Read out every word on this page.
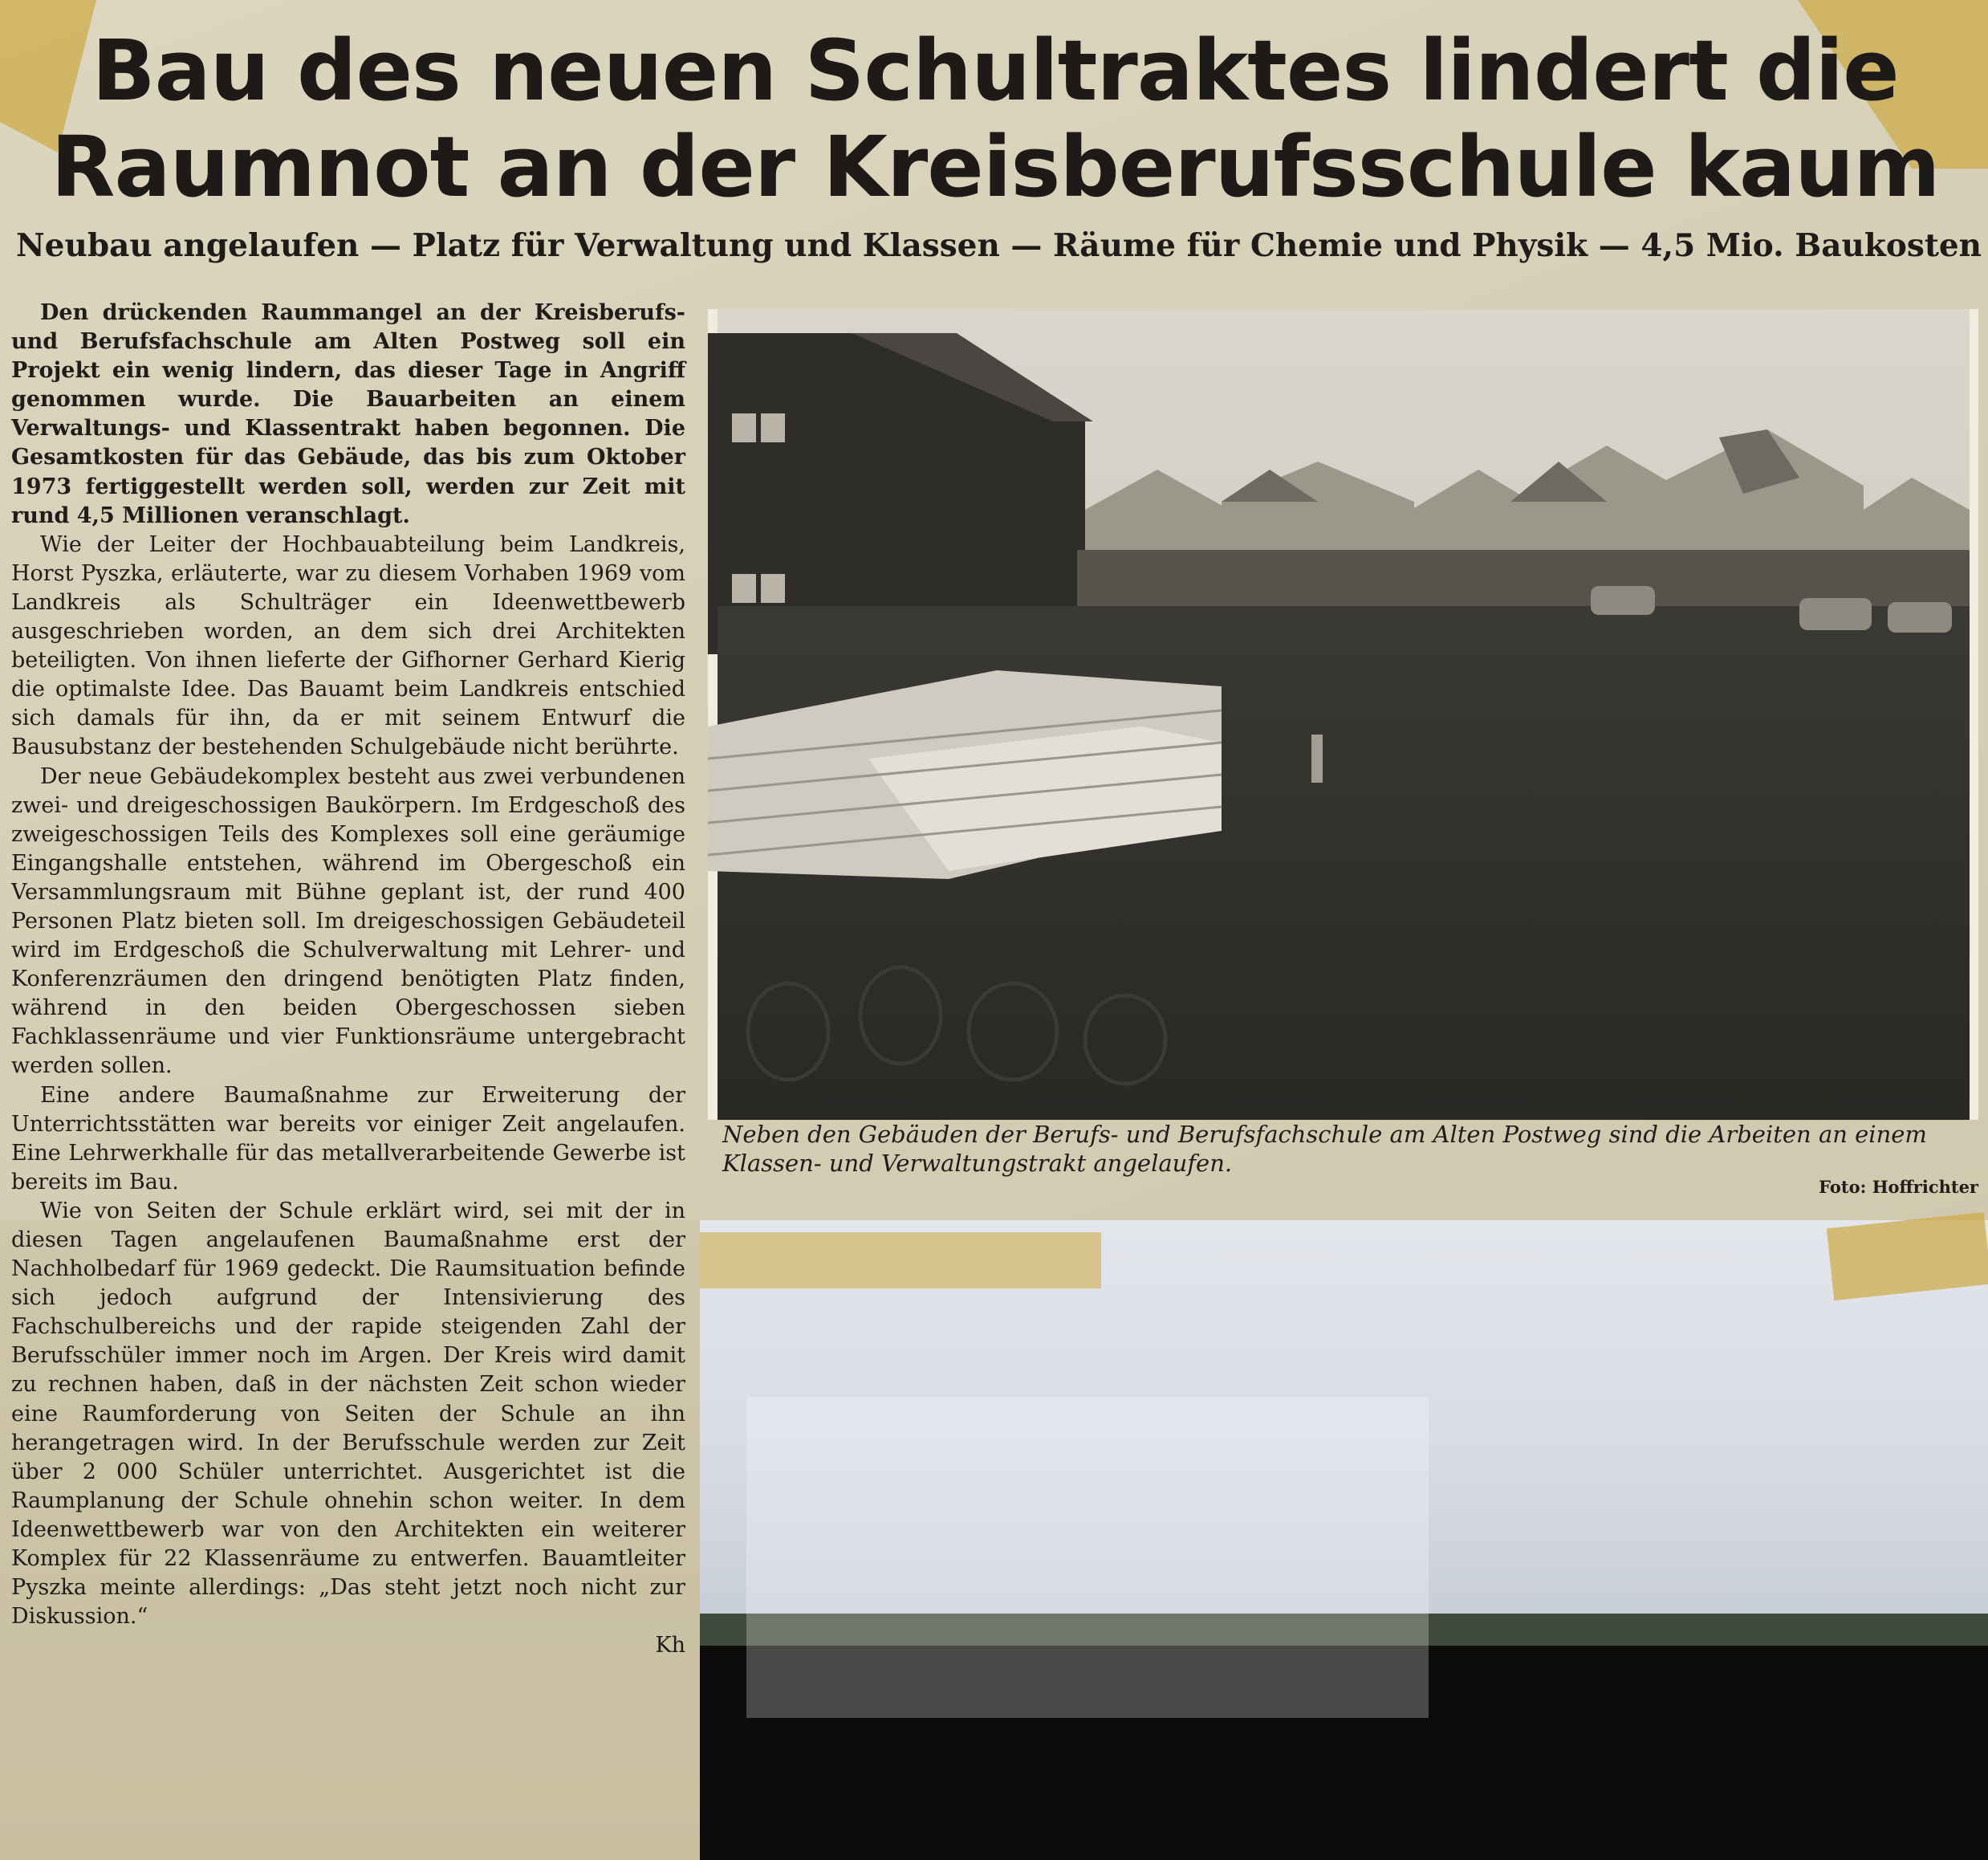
Bau des neuen Schultraktes lindert die Raumnot an der Kreisberufsschule kaum
Neubau angelaufen — Platz für Verwaltung und Klassen — Räume für Chemie und Physik — 4,5 Mio. Baukosten

Den drückenden Raummangel an der Kreisberufs- und Berufsfachschule am Alten Postweg soll ein Projekt ein wenig lindern, das dieser Tage in Angriff genommen wurde. Die Bauarbeiten an einem Verwaltungs- und Klassentrakt haben begonnen. Die Gesamtkosten für das Gebäude, das bis zum Oktober 1973 fertiggestellt werden soll, werden zur Zeit mit rund 4,5 Millionen veranschlagt.

Wie der Leiter der Hochbauabteilung beim Landkreis, Horst Pyszka, erläuterte, war zu diesem Vorhaben 1969 vom Landkreis als Schulträger ein Ideenwettbewerb ausgeschrieben worden, an dem sich drei Architekten beteiligten. Von ihnen lieferte der Gifhorner Gerhard Kierig die optimalste Idee. Das Bauamt beim Landkreis entschied sich damals für ihn, da er mit seinem Entwurf die Bausubstanz der bestehenden Schulgebäude nicht berührte.

Der neue Gebäudekomplex besteht aus zwei verbundenen zwei- und dreigeschossigen Baukörpern. Im Erdgeschoß des zweigeschossigen Teils des Komplexes soll eine geräumige Eingangshalle entstehen, während im Obergeschoß ein Versammlungsraum mit Bühne geplant ist, der rund 400 Personen Platz bieten soll. Im dreigeschossigen Gebäudeteil wird im Erdgeschoß die Schulverwaltung mit Lehrer- und Konferenzräumen den dringend benötigten Platz finden, während in den beiden Obergeschossen sieben Fachklassenräume und vier Funktionsräume untergebracht werden sollen.

Eine andere Baumaßnahme zur Erweiterung der Unterrichtsstätten war bereits vor einiger Zeit angelaufen. Eine Lehrwerkhalle für das metallverarbeitende Gewerbe ist bereits im Bau.

Wie von Seiten der Schule erklärt wird, sei mit der in diesen Tagen angelaufenen Baumaßnahme erst der Nachholbedarf für 1969 gedeckt. Die Raumsituation befinde sich jedoch aufgrund der Intensivierung des Fachschulbereichs und der rapide steigenden Zahl der Berufsschüler immer noch im Argen. Der Kreis wird damit zu rechnen haben, daß in der nächsten Zeit schon wieder eine Raumforderung von Seiten der Schule an ihn herangetragen wird. In der Berufsschule werden zur Zeit über 2 000 Schüler unterrichtet. Ausgerichtet ist die Raumplanung der Schule ohnehin schon weiter. In dem Ideenwettbewerb war von den Architekten ein weiterer Komplex für 22 Klassenräume zu entwerfen. Bauamtleiter Pyszka meinte allerdings: „Das steht jetzt noch nicht zur Diskussion.“

Kh

Neben den Gebäuden der Berufs- und Berufsfachschule am Alten Postweg sind die Arbeiten an einem Klassen- und Verwaltungstrakt angelaufen.
Foto: Hoffrichter
